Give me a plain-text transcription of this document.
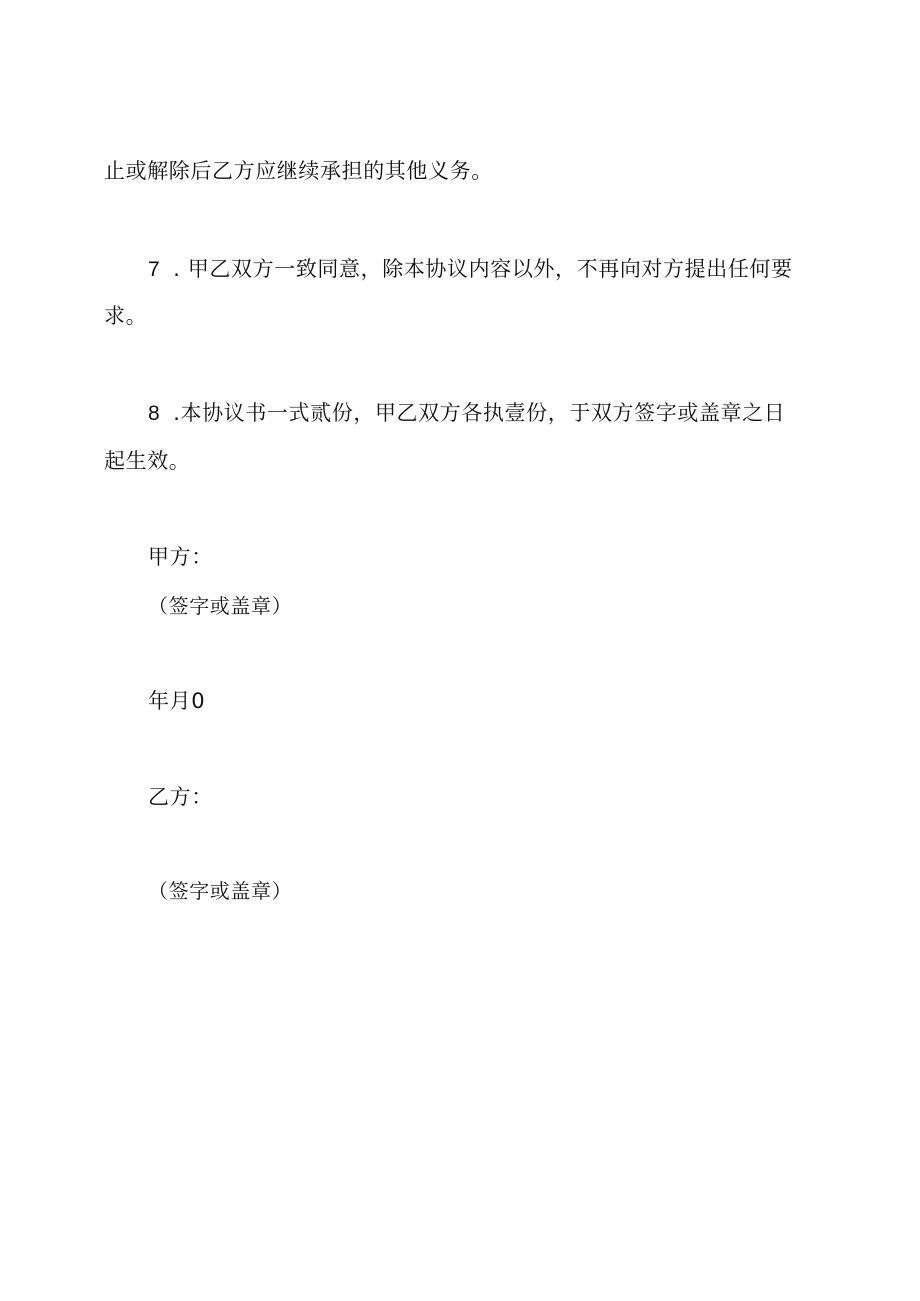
止或解除后乙方应继续承担的其他义务。
7 . 甲乙双方一致同意，除本协议内容以外，不再向对方提出任何要
求。
8 .本协议书一式贰份，甲乙双方各执壹份，于双方签字或盖章之日
起生效。
甲方：
（签字或盖章）
年月0
乙方：
（签字或盖章）
